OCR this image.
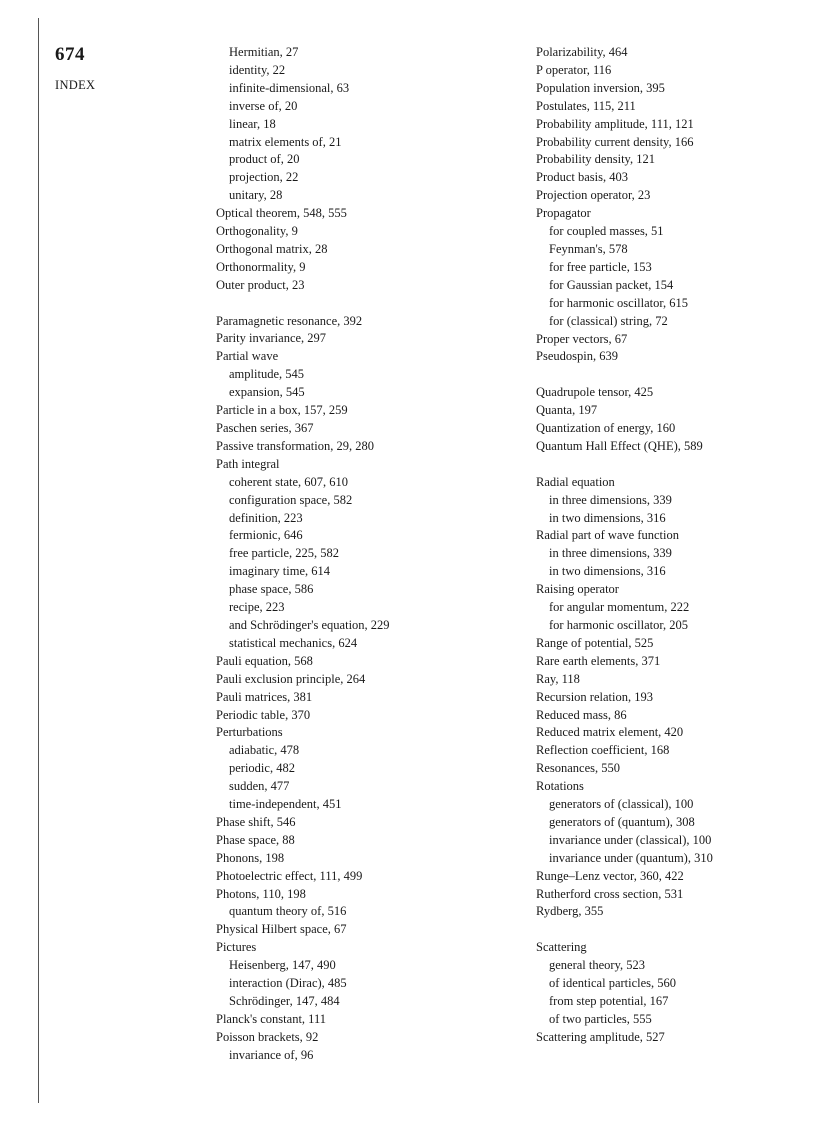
674
INDEX
Hermitian, 27
identity, 22
infinite-dimensional, 63
inverse of, 20
linear, 18
matrix elements of, 21
product of, 20
projection, 22
unitary, 28
Optical theorem, 548, 555
Orthogonality, 9
Orthogonal matrix, 28
Orthonormality, 9
Outer product, 23
Paramagnetic resonance, 392
Parity invariance, 297
Partial wave
amplitude, 545
expansion, 545
Particle in a box, 157, 259
Paschen series, 367
Passive transformation, 29, 280
Path integral
coherent state, 607, 610
configuration space, 582
definition, 223
fermionic, 646
free particle, 225, 582
imaginary time, 614
phase space, 586
recipe, 223
and Schrödinger's equation, 229
statistical mechanics, 624
Pauli equation, 568
Pauli exclusion principle, 264
Pauli matrices, 381
Periodic table, 370
Perturbations
adiabatic, 478
periodic, 482
sudden, 477
time-independent, 451
Phase shift, 546
Phase space, 88
Phonons, 198
Photoelectric effect, 111, 499
Photons, 110, 198
quantum theory of, 516
Physical Hilbert space, 67
Pictures
Heisenberg, 147, 490
interaction (Dirac), 485
Schrödinger, 147, 484
Planck's constant, 111
Poisson brackets, 92
invariance of, 96
Polarizability, 464
P operator, 116
Population inversion, 395
Postulates, 115, 211
Probability amplitude, 111, 121
Probability current density, 166
Probability density, 121
Product basis, 403
Projection operator, 23
Propagator
for coupled masses, 51
Feynman's, 578
for free particle, 153
for Gaussian packet, 154
for harmonic oscillator, 615
for (classical) string, 72
Proper vectors, 67
Pseudospin, 639
Quadrupole tensor, 425
Quanta, 197
Quantization of energy, 160
Quantum Hall Effect (QHE), 589
Radial equation
in three dimensions, 339
in two dimensions, 316
Radial part of wave function
in three dimensions, 339
in two dimensions, 316
Raising operator
for angular momentum, 222
for harmonic oscillator, 205
Range of potential, 525
Rare earth elements, 371
Ray, 118
Recursion relation, 193
Reduced mass, 86
Reduced matrix element, 420
Reflection coefficient, 168
Resonances, 550
Rotations
generators of (classical), 100
generators of (quantum), 308
invariance under (classical), 100
invariance under (quantum), 310
Runge–Lenz vector, 360, 422
Rutherford cross section, 531
Rydberg, 355
Scattering
general theory, 523
of identical particles, 560
from step potential, 167
of two particles, 555
Scattering amplitude, 527
